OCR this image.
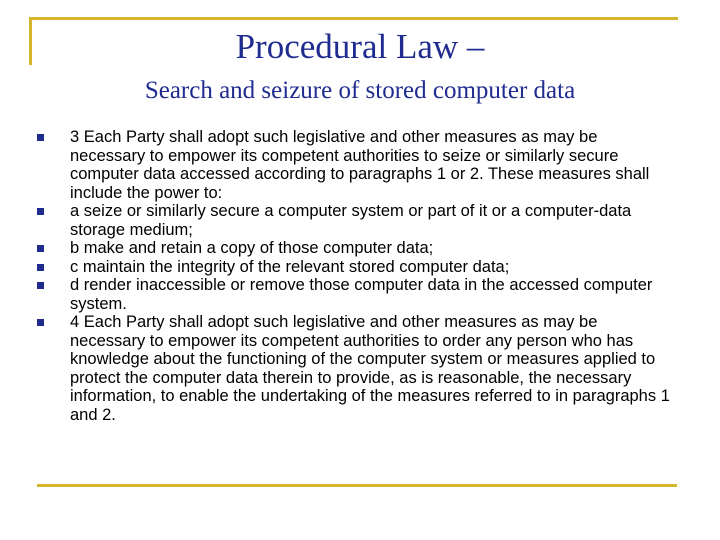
Procedural Law –
Search and seizure of stored computer data
3 Each Party shall adopt such legislative and other measures as may be necessary to empower its competent authorities to seize or similarly secure computer data accessed according to paragraphs 1 or 2. These measures shall include the power to:
a seize or similarly secure a computer system or part of it or a computer-data storage medium;
b make and retain a copy of those computer data;
c maintain the integrity of the relevant stored computer data;
d render inaccessible or remove those computer data in the accessed computer system.
4 Each Party shall adopt such legislative and other measures as may be necessary to empower its competent authorities to order any person who has knowledge about the functioning of the computer system or measures applied to protect the computer data therein to provide, as is reasonable, the necessary information, to enable the undertaking of the measures referred to in paragraphs 1 and 2.
